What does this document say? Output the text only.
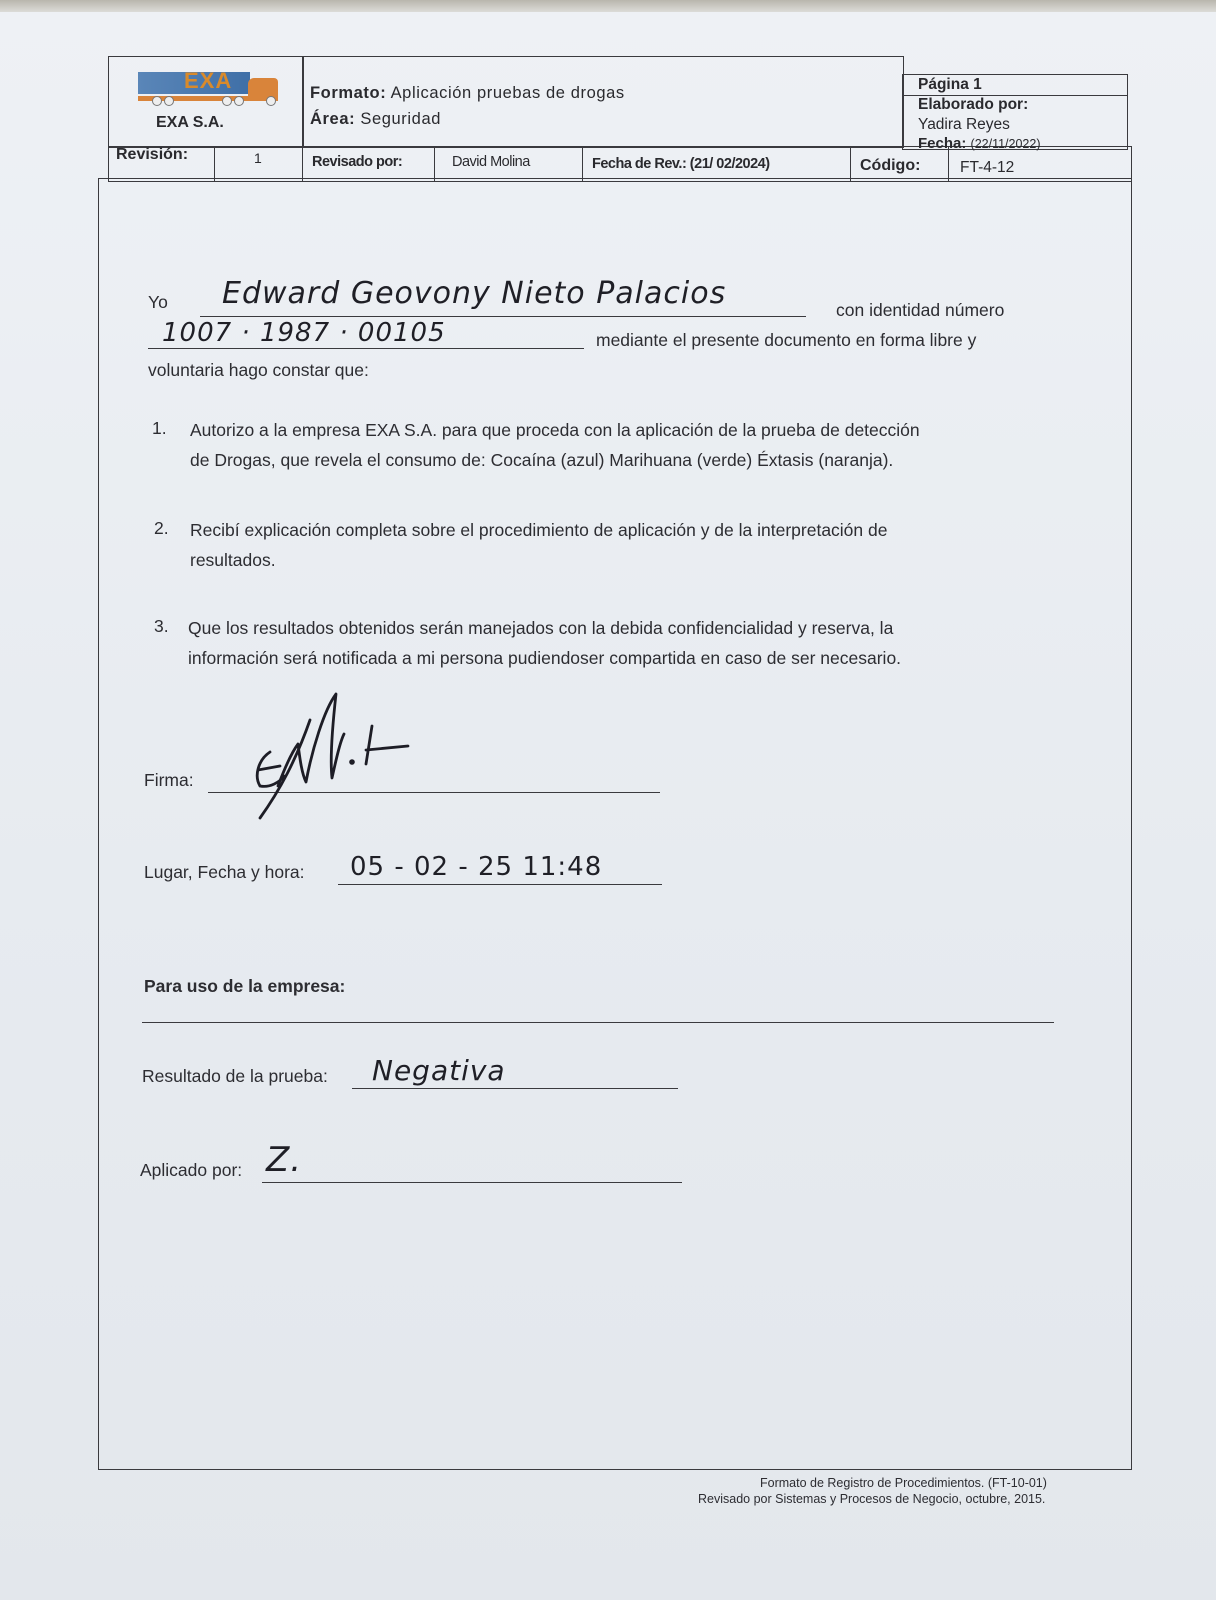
EXA
EXA S.A.
Formato: Aplicación pruebas de drogas
Área: Seguridad
Página 1
Elaborado por:
Yadira Reyes
Fecha: (22/11/2022)
Revisión:	1	Revisado por:	David Molina	Fecha de Rev.: (21/ 02/2024)	Código:	FT-4-12
Yo Edward Geovony Nieto Palacios	con identidad número
1007 · 1987 · 00105	mediante el presente documento en forma libre y
voluntaria hago constar que:
1. Autorizo a la empresa EXA S.A. para que proceda con la aplicación de la prueba de detección
de Drogas, que revela el consumo de: Cocaína (azul) Marihuana (verde) Éxtasis (naranja).
2. Recibí explicación completa sobre el procedimiento de aplicación y de la interpretación de
resultados.
3. Que los resultados obtenidos serán manejados con la debida confidencialidad y reserva, la
información será notificada a mi persona pudiendoser compartida en caso de ser necesario.
Firma:
Lugar, Fecha y hora: 05 - 02 - 25 11:48
Para uso de la empresa:
Resultado de la prueba: Negativa
Aplicado por: Z.
Formato de Registro de Procedimientos. (FT-10-01)
Revisado por Sistemas y Procesos de Negocio, octubre, 2015.
